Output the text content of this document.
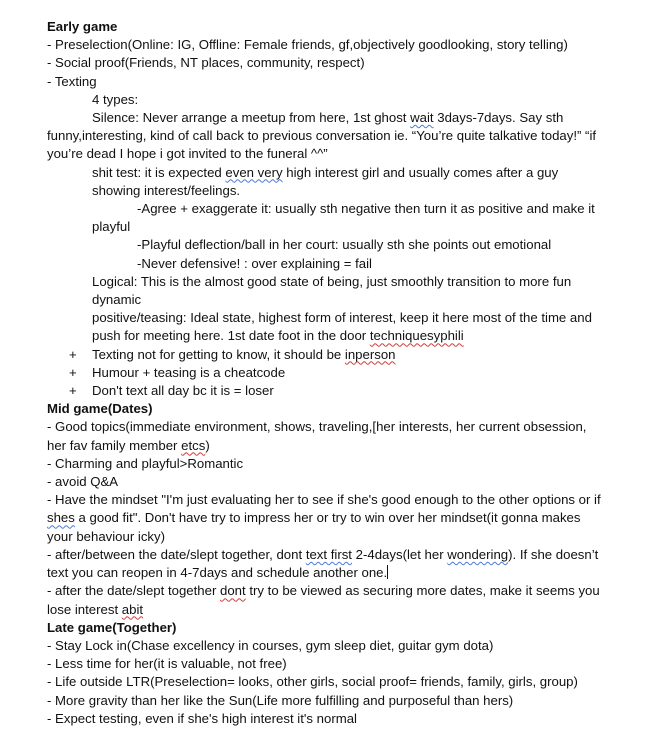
Early game
- Preselection(Online: IG, Offline: Female friends, gf,objectively goodlooking, story telling)
- Social proof(Friends, NT places, community, respect)
- Texting
4 types:
Silence: Never arrange a meetup from here, 1st ghost wait 3days-7days. Say sth
funny,interesting, kind of call back to previous conversation ie. “You’re quite talkative today!” “if
you’re dead I hope i got invited to the funeral ^^”
shit test: it is expected even very high interest girl and usually comes after a guy
showing interest/feelings.
-Agree + exaggerate it: usually sth negative then turn it as positive and make it
playful
-Playful deflection/ball in her court: usually sth she points out emotional
-Never defensive! : over explaining = fail
Logical: This is the almost good state of being, just smoothly transition to more fun
dynamic
positive/teasing: Ideal state, highest form of interest, keep it here most of the time and
push for meeting here. 1st date foot in the door techniquesyphili
+ Texting not for getting to know, it should be inperson
+ Humour + teasing is a cheatcode
+ Don't text all day bc it is = loser
Mid game(Dates)
- Good topics(immediate environment, shows, traveling,[her interests, her current obsession,
her fav family member etcs)
- Charming and playful>Romantic
- avoid Q&A
- Have the mindset "I'm just evaluating her to see if she's good enough to the other options or if
shes a good fit". Don't have try to impress her or try to win over her mindset(it gonna makes
your behaviour icky)
- after/between the date/slept together, dont text first 2-4days(let her wondering). If she doesn’t
text you can reopen in 4-7days and schedule another one.
- after the date/slept together dont try to be viewed as securing more dates, make it seems you
lose interest abit
Late game(Together)
- Stay Lock in(Chase excellency in courses, gym sleep diet, guitar gym dota)
- Less time for her(it is valuable, not free)
- Life outside LTR(Preselection= looks, other girls, social proof= friends, family, girls, group)
- More gravity than her like the Sun(Life more fulfilling and purposeful than hers)
- Expect testing, even if she's high interest it's normal
